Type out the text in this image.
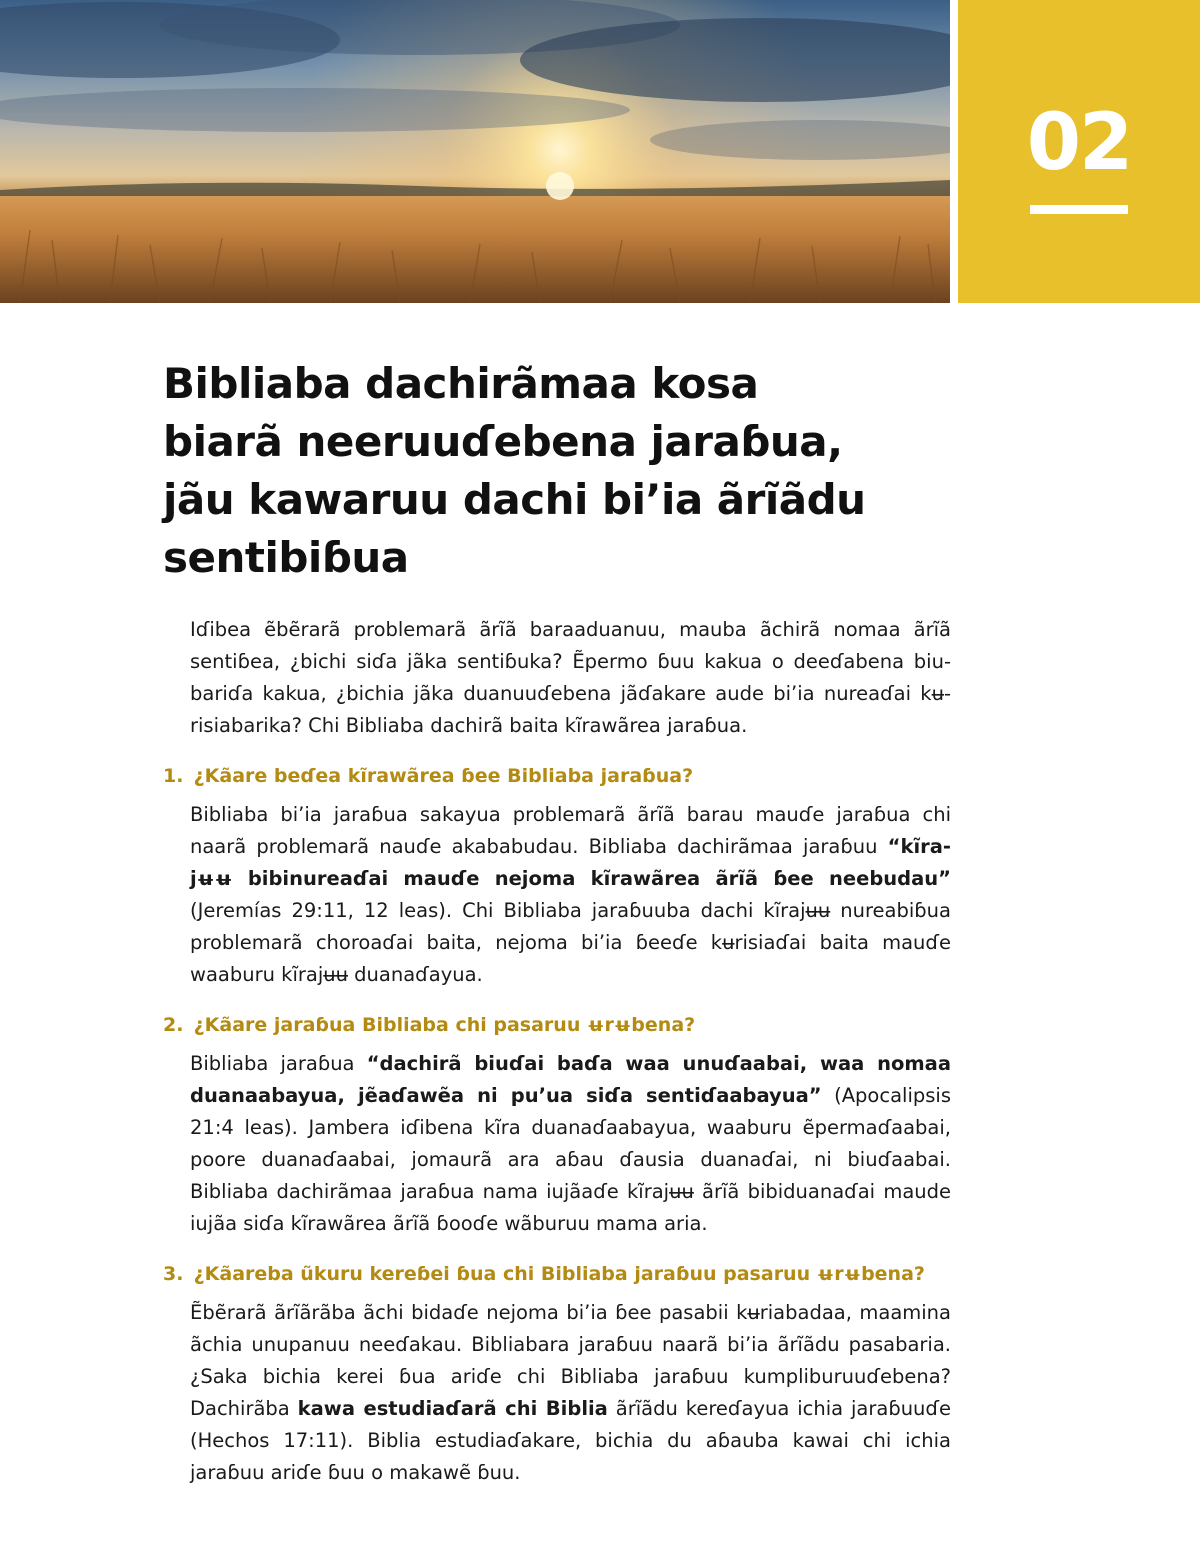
02
Bibliaba dachirãmaa kosa
biarã neeruuɗebena jaraɓua,
jãu kawaruu dachi bi’ia ãrĩãdu
sentibiɓua

Iɗibea ẽbẽrarã problemarã ãrĩã baraaduanuu, mauba ãchirã nomaa ãrĩã sentiɓea, ¿bichi siɗa jãka sentiɓuka? Ẽpermo ɓuu kakua o deeɗabena biubariɗa kakua, ¿bichia jãka duanuuɗebena jãɗakare aude bi’ia nureaɗai kʉrisiabarika? Chi Bibliaba dachirã baita kĩrawãrea jaraɓua.

1. ¿Kãare beɗea kĩrawãrea ɓee Bibliaba jaraɓua?

Bibliaba bi’ia jaraɓua sakayua problemarã ãrĩã barau mauɗe jaraɓua chi naarã problemarã nauɗe akababudau. Bibliaba dachirãmaa jaraɓuu “kĩrajʉʉ bibinureaɗai mauɗe nejoma kĩrawãrea ãrĩã ɓee neebudau” (Jeremías 29:11, 12 leas). Chi Bibliaba jaraɓuuba dachi kĩrajʉʉ nureabiɓua problemarã choroaɗai baita, nejoma bi’ia ɓeeɗe kʉrisiaɗai baita mauɗe waaburu kĩrajʉʉ duanaɗayua.

2. ¿Kãare jaraɓua Bibliaba chi pasaruu ʉrʉbena?

Bibliaba jaraɓua “dachirã biuɗai baɗa waa unuɗaabai, waa nomaa duanaabayua, jẽaɗawẽa ni pu’ua siɗa sentiɗaabayua” (Apocalipsis 21:4 leas). Jambera iɗibena kĩra duanaɗaabayua, waaburu ẽpermaɗaabai, poore duanaɗaabai, jomaurã ara aɓau ɗausia duanaɗai, ni biuɗaabai. Bibliaba dachirãmaa jaraɓua nama iujãaɗe kĩrajʉʉ ãrĩã bibiduanaɗai maude iujãa siɗa kĩrawãrea ãrĩã ɓooɗe wãburuu mama aria.

3. ¿Kãareba ũkuru kereɓei ɓua chi Bibliaba jaraɓuu pasaruu ʉrʉbena?

Ẽbẽrarã ãrĩãrãba ãchi bidaɗe nejoma bi’ia ɓee pasabii kʉriabadaa, maamina ãchia unupanuu neeɗakau. Bibliabara jaraɓuu naarã bi’ia ãrĩãdu pasabaria. ¿Saka bichia kerei ɓua ariɗe chi Bibliaba jaraɓuu kumpliburuuɗebena? Dachirãba kawa estudiaɗarã chi Biblia ãrĩãdu kereɗayua ichia jaraɓuuɗe (Hechos 17:11). Biblia estudiaɗakare, bichia du aɓauba kawai chi ichia jaraɓuu ariɗe ɓuu o makawẽ ɓuu.
